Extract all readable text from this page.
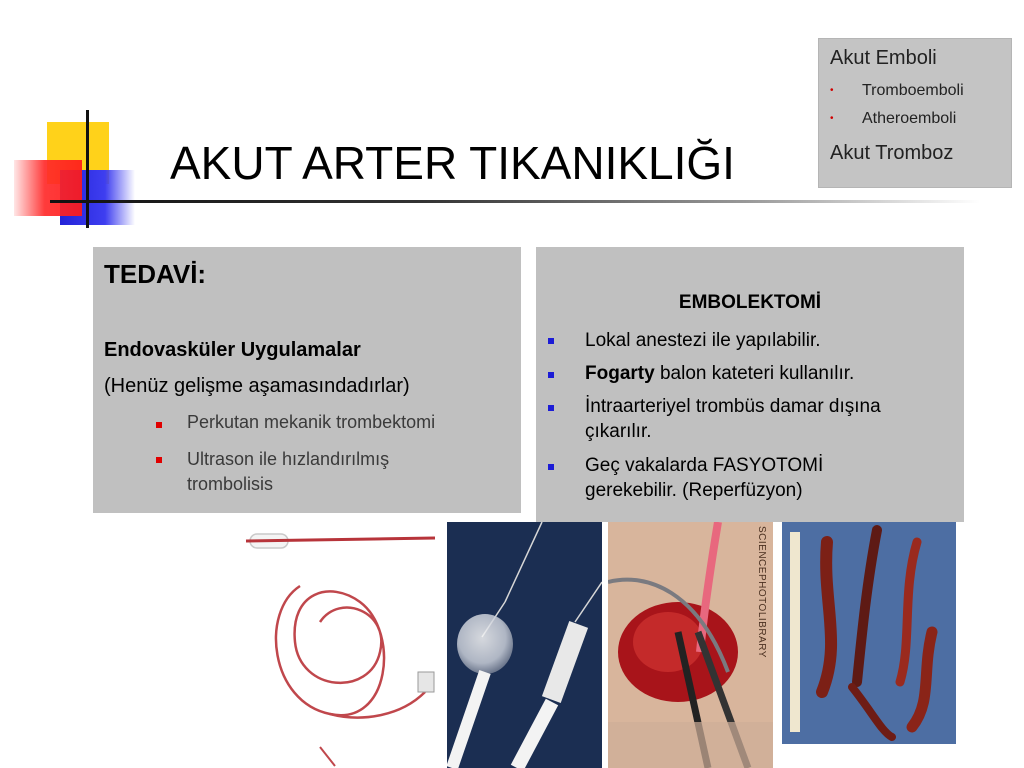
AKUT ARTER TIKANIKLIĞI
Akut Emboli
• Tromboemboli
• Atheroemboli
Akut Tromboz
TEDAVİ:
Endovasküler Uygulamalar
(Henüz gelişme aşamasındadırlar)
Perkutan mekanik trombektomi
Ultrason ile hızlandırılmış trombolisis
EMBOLEKTOMİ
Lokal anestezi ile yapılabilir.
Fogarty balon kateteri kullanılır.
İntraarteriyel trombüs damar dışına çıkarılır.
Geç vakalarda FASYOTOMİ gerekebilir. (Reperfüzyon)
SCIENCEPHOTOLIBRARY
